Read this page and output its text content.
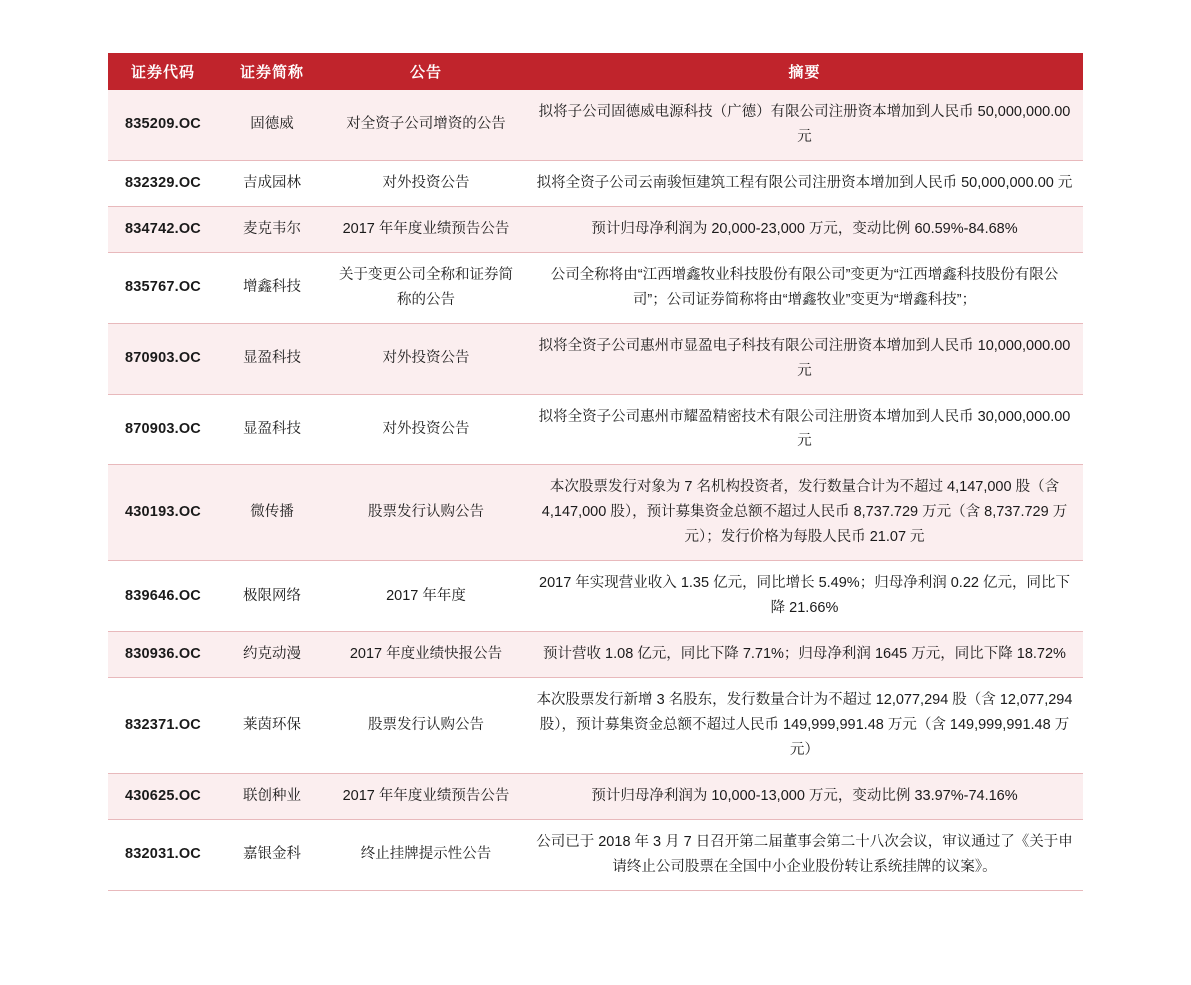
证券代码	证券简称	公告	摘要
835209.OC	固德威	对全资子公司增资的公告	拟将子公司固德威电源科技（广德）有限公司注册资本增加到人民币 50,000,000.00 元
832329.OC	吉成园林	对外投资公告	拟将全资子公司云南骏恒建筑工程有限公司注册资本增加到人民币 50,000,000.00 元
834742.OC	麦克韦尔	2017 年年度业绩预告公告	预计归母净利润为 20,000-23,000 万元，变动比例 60.59%-84.68%
835767.OC	增鑫科技	关于变更公司全称和证券简称的公告	公司全称将由“江西增鑫牧业科技股份有限公司”变更为“江西增鑫科技股份有限公司”；公司证券简称将由“增鑫牧业”变更为“增鑫科技”；
870903.OC	显盈科技	对外投资公告	拟将全资子公司惠州市显盈电子科技有限公司注册资本增加到人民币 10,000,000.00 元
870903.OC	显盈科技	对外投资公告	拟将全资子公司惠州市耀盈精密技术有限公司注册资本增加到人民币 30,000,000.00 元
430193.OC	微传播	股票发行认购公告	本次股票发行对象为 7 名机构投资者，发行数量合计为不超过 4,147,000 股（含 4,147,000 股），预计募集资金总额不超过人民币 8,737.729 万元（含 8,737.729 万元）；发行价格为每股人民币 21.07 元
839646.OC	极限网络	2017 年年度	2017 年实现营业收入 1.35 亿元，同比增长 5.49%；归母净利润 0.22 亿元，同比下降 21.66%
830936.OC	约克动漫	2017 年度业绩快报公告	预计营收 1.08 亿元，同比下降 7.71%；归母净利润 1645 万元，同比下降 18.72%
832371.OC	莱茵环保	股票发行认购公告	本次股票发行新增 3 名股东，发行数量合计为不超过 12,077,294 股（含 12,077,294 股），预计募集资金总额不超过人民币 149,999,991.48 万元（含 149,999,991.48 万元）
430625.OC	联创种业	2017 年年度业绩预告公告	预计归母净利润为 10,000-13,000 万元，变动比例 33.97%-74.16%
832031.OC	嘉银金科	终止挂牌提示性公告	公司已于 2018 年 3 月 7 日召开第二届董事会第二十八次会议，审议通过了《关于申请终止公司股票在全国中小企业股份转让系统挂牌的议案》。
